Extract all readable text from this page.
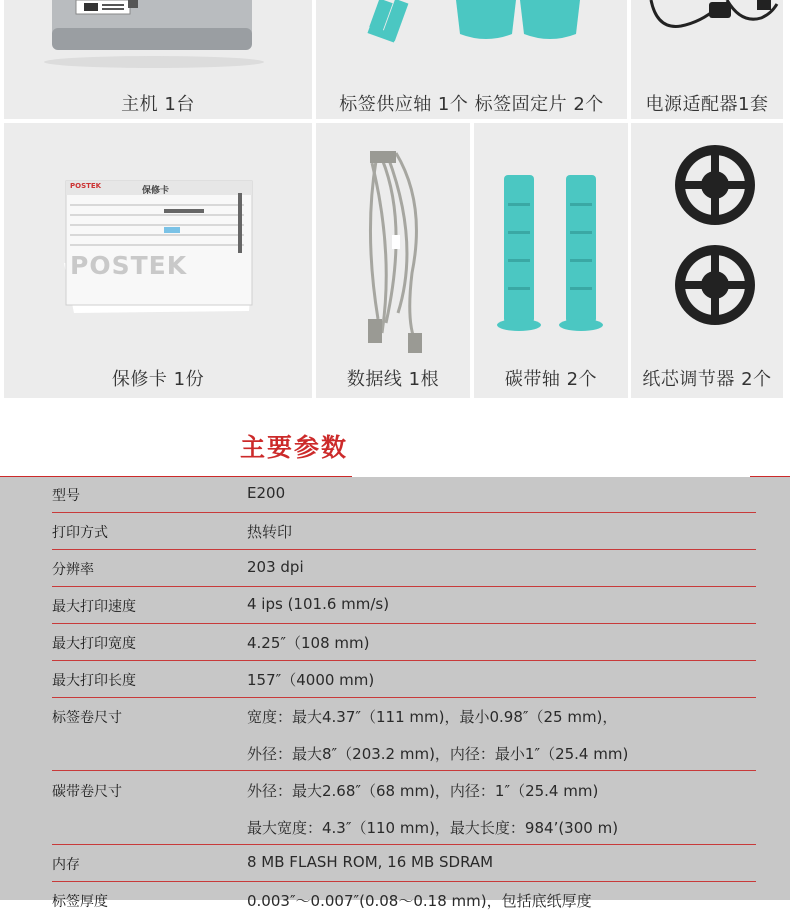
主机 1台	标签供应轴 1个 标签固定片 2个	电源适配器1套
POSTEK	保修卡
POSTEK
保修卡 1份	数据线 1根	碳带轴 2个	纸芯调节器 2个
主要参数
型号	E200
打印方式	热转印
分辨率	203 dpi
最大打印速度	4 ips (101.6 mm/s)
最大打印宽度	4.25″（108 mm)
最大打印长度	157″（4000 mm)
标签卷尺寸	宽度：最大4.37″（111 mm)，最小0.98″（25 mm)，
外径：最大8″（203.2 mm)，内径：最小1″（25.4 mm)
碳带卷尺寸	外径：最大2.68″（68 mm)，内径：1″（25.4 mm)
最大宽度：4.3″（110 mm)，最大长度：984’(300 m)
内存	8 MB FLASH ROM, 16 MB SDRAM
标签厚度	0.003″～0.007″(0.08～0.18 mm)，包括底纸厚度
